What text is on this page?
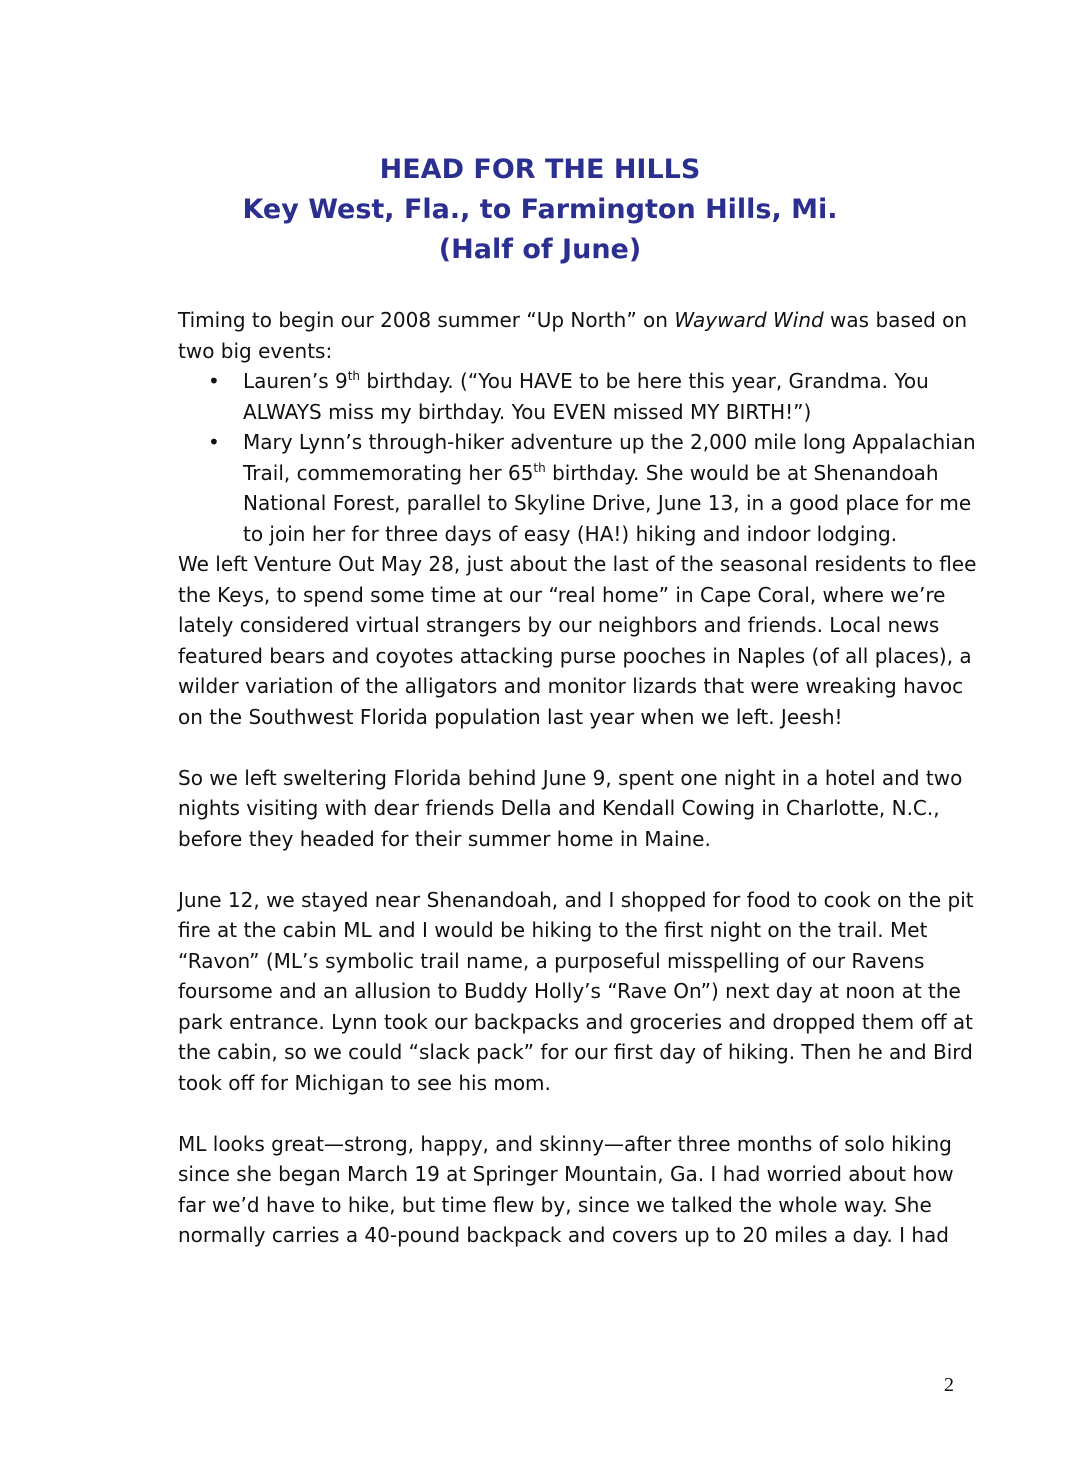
HEAD FOR THE HILLS
Key West, Fla., to Farmington Hills, Mi.
(Half of June)

Timing to begin our 2008 summer “Up North” on Wayward Wind was based on two big events:

• Lauren’s 9th birthday. (“You HAVE to be here this year, Grandma. You ALWAYS miss my birthday. You EVEN missed MY BIRTH!”)
• Mary Lynn’s through-hiker adventure up the 2,000 mile long Appalachian Trail, commemorating her 65th birthday. She would be at Shenandoah National Forest, parallel to Skyline Drive, June 13, in a good place for me to join her for three days of easy (HA!) hiking and indoor lodging.

We left Venture Out May 28, just about the last of the seasonal residents to flee the Keys, to spend some time at our “real home” in Cape Coral, where we’re lately considered virtual strangers by our neighbors and friends. Local news featured bears and coyotes attacking purse pooches in Naples (of all places), a wilder variation of the alligators and monitor lizards that were wreaking havoc on the Southwest Florida population last year when we left. Jeesh!

So we left sweltering Florida behind June 9, spent one night in a hotel and two nights visiting with dear friends Della and Kendall Cowing in Charlotte, N.C., before they headed for their summer home in Maine.

June 12, we stayed near Shenandoah, and I shopped for food to cook on the pit fire at the cabin ML and I would be hiking to the first night on the trail. Met “Ravon” (ML’s symbolic trail name, a purposeful misspelling of our Ravens foursome and an allusion to Buddy Holly’s “Rave On”) next day at noon at the park entrance. Lynn took our backpacks and groceries and dropped them off at the cabin, so we could “slack pack” for our first day of hiking. Then he and Bird took off for Michigan to see his mom.

ML looks great—strong, happy, and skinny—after three months of solo hiking since she began March 19 at Springer Mountain, Ga. I had worried about how far we’d have to hike, but time flew by, since we talked the whole way. She normally carries a 40-pound backpack and covers up to 20 miles a day. I had

2
